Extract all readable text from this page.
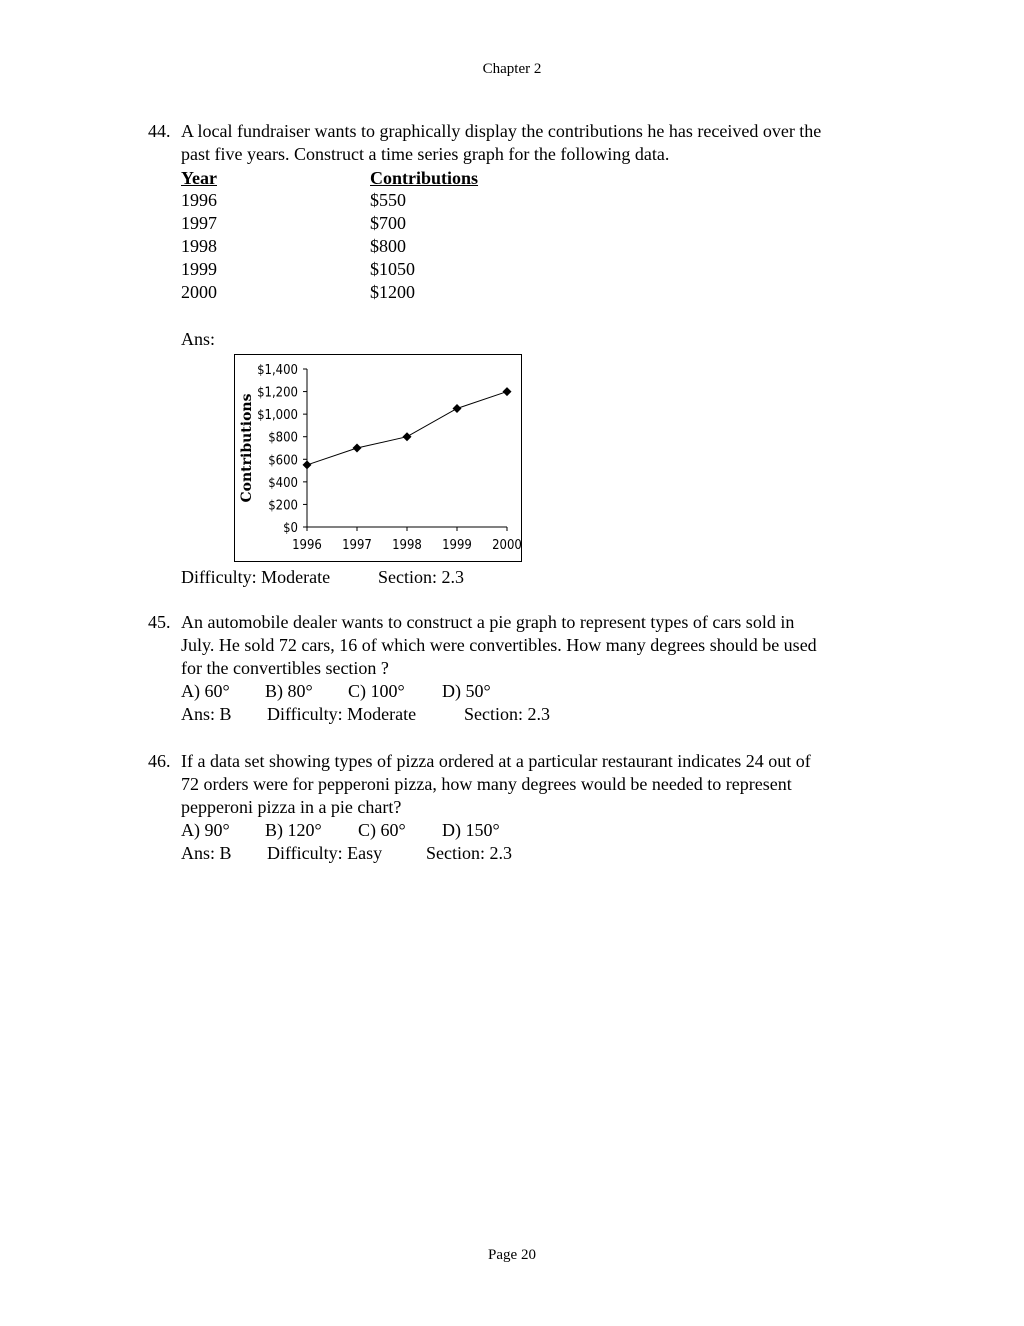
Chapter 2
44. A local fundraiser wants to graphically display the contributions he has received over the
past five years. Construct a time series graph for the following data.
Year	Contributions
1996	$550
1997	$700
1998	$800
1999	$1050
2000	$1200
Ans:
$0
$200
$400
$600
$800
$1,000
$1,200
$1,400
1996 1997 1998 1999 2000
Contributions
Difficulty: Moderate	Section: 2.3
45. An automobile dealer wants to construct a pie graph to represent types of cars sold in
July. He sold 72 cars, 16 of which were convertibles. How many degrees should be used
for the convertibles section ?
A) 60° B) 80° C) 100° D) 50°
Ans: B Difficulty: Moderate	Section: 2.3
46. If a data set showing types of pizza ordered at a particular restaurant indicates 24 out of
72 orders were for pepperoni pizza, how many degrees would be needed to represent
pepperoni pizza in a pie chart?
A) 90° B) 120° C) 60° D) 150°
Ans: B Difficulty: Easy Section: 2.3
Page 20
